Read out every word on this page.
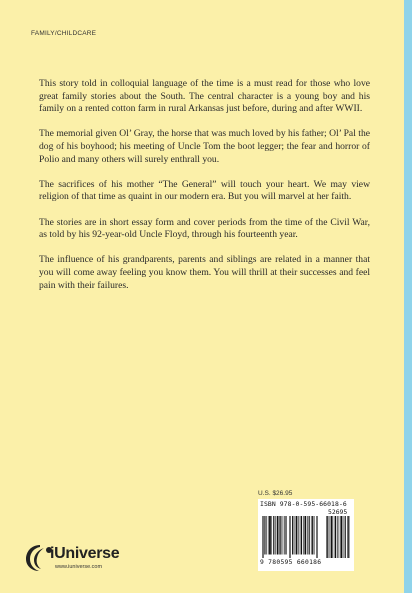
FAMILY/CHILDCARE

This story told in colloquial language of the time is a must read for those who love great family stories about the South. The central character is a young boy and his family on a rented cotton farm in rural Arkansas just before, during and after WWII.

The memorial given Ol’ Gray, the horse that was much loved by his father; Ol’ Pal the dog of his boyhood; his meeting of Uncle Tom the boot legger; the fear and horror of Polio and many others will surely enthrall you.

The sacrifices of his mother “The General” will touch your heart. We may view religion of that time as quaint in our modern era. But you will marvel at her faith.

The stories are in short essay form and cover periods from the time of the Civil War, as told by his 92-year-old Uncle Floyd, through his fourteenth year.

The influence of his grandparents, parents and siblings are related in a manner that you will come away feeling you know them. You will thrill at their successes and feel pain with their failures.

U.S. $26.95
ISBN 978-0-595-66018-6
52695
9 780595 660186
iUniverse
www.iuniverse.com
